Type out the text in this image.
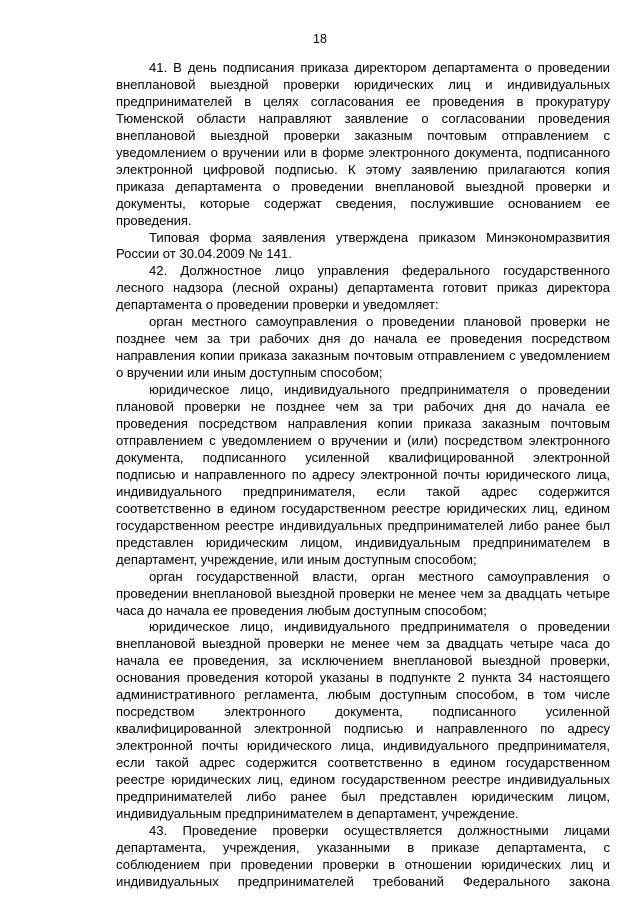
18

41. В день подписания приказа директором департамента о проведении внеплановой выездной проверки юридических лиц и индивидуальных предпринимателей в целях согласования ее проведения в прокуратуру Тюменской области направляют заявление о согласовании проведения внеплановой выездной проверки заказным почтовым отправлением с уведомлением о вручении или в форме электронного документа, подписанного электронной цифровой подписью. К этому заявлению прилагаются копия приказа департамента о проведении внеплановой выездной проверки и документы, которые содержат сведения, послужившие основанием ее проведения.

Типовая форма заявления утверждена приказом Минэкономразвития России от 30.04.2009 № 141.

42. Должностное лицо управления федерального государственного лесного надзора (лесной охраны) департамента готовит приказ директора департамента о проведении проверки и уведомляет:

орган местного самоуправления о проведении плановой проверки не позднее чем за три рабочих дня до начала ее проведения посредством направления копии приказа заказным почтовым отправлением с уведомлением о вручении или иным доступным способом;

юридическое лицо, индивидуального предпринимателя о проведении плановой проверки не позднее чем за три рабочих дня до начала ее проведения посредством направления копии приказа заказным почтовым отправлением с уведомлением о вручении и (или) посредством электронного документа, подписанного усиленной квалифицированной электронной подписью и направленного по адресу электронной почты юридического лица, индивидуального предпринимателя, если такой адрес содержится соответственно в едином государственном реестре юридических лиц, едином государственном реестре индивидуальных предпринимателей либо ранее был представлен юридическим лицом, индивидуальным предпринимателем в департамент, учреждение, или иным доступным способом;

орган государственной власти, орган местного самоуправления о проведении внеплановой выездной проверки не менее чем за двадцать четыре часа до начала ее проведения любым доступным способом;

юридическое лицо, индивидуального предпринимателя о проведении внеплановой выездной проверки не менее чем за двадцать четыре часа до начала ее проведения, за исключением внеплановой выездной проверки, основания проведения которой указаны в подпункте 2 пункта 34 настоящего административного регламента, любым доступным способом, в том числе посредством электронного документа, подписанного усиленной квалифицированной электронной подписью и направленного по адресу электронной почты юридического лица, индивидуального предпринимателя, если такой адрес содержится соответственно в едином государственном реестре юридических лиц, едином государственном реестре индивидуальных предпринимателей либо ранее был представлен юридическим лицом, индивидуальным предпринимателем в департамент, учреждение.

43. Проведение проверки осуществляется должностными лицами департамента, учреждения, указанными в приказе департамента, с соблюдением при проведении проверки в отношении юридических лиц и индивидуальных предпринимателей требований Федерального закона
